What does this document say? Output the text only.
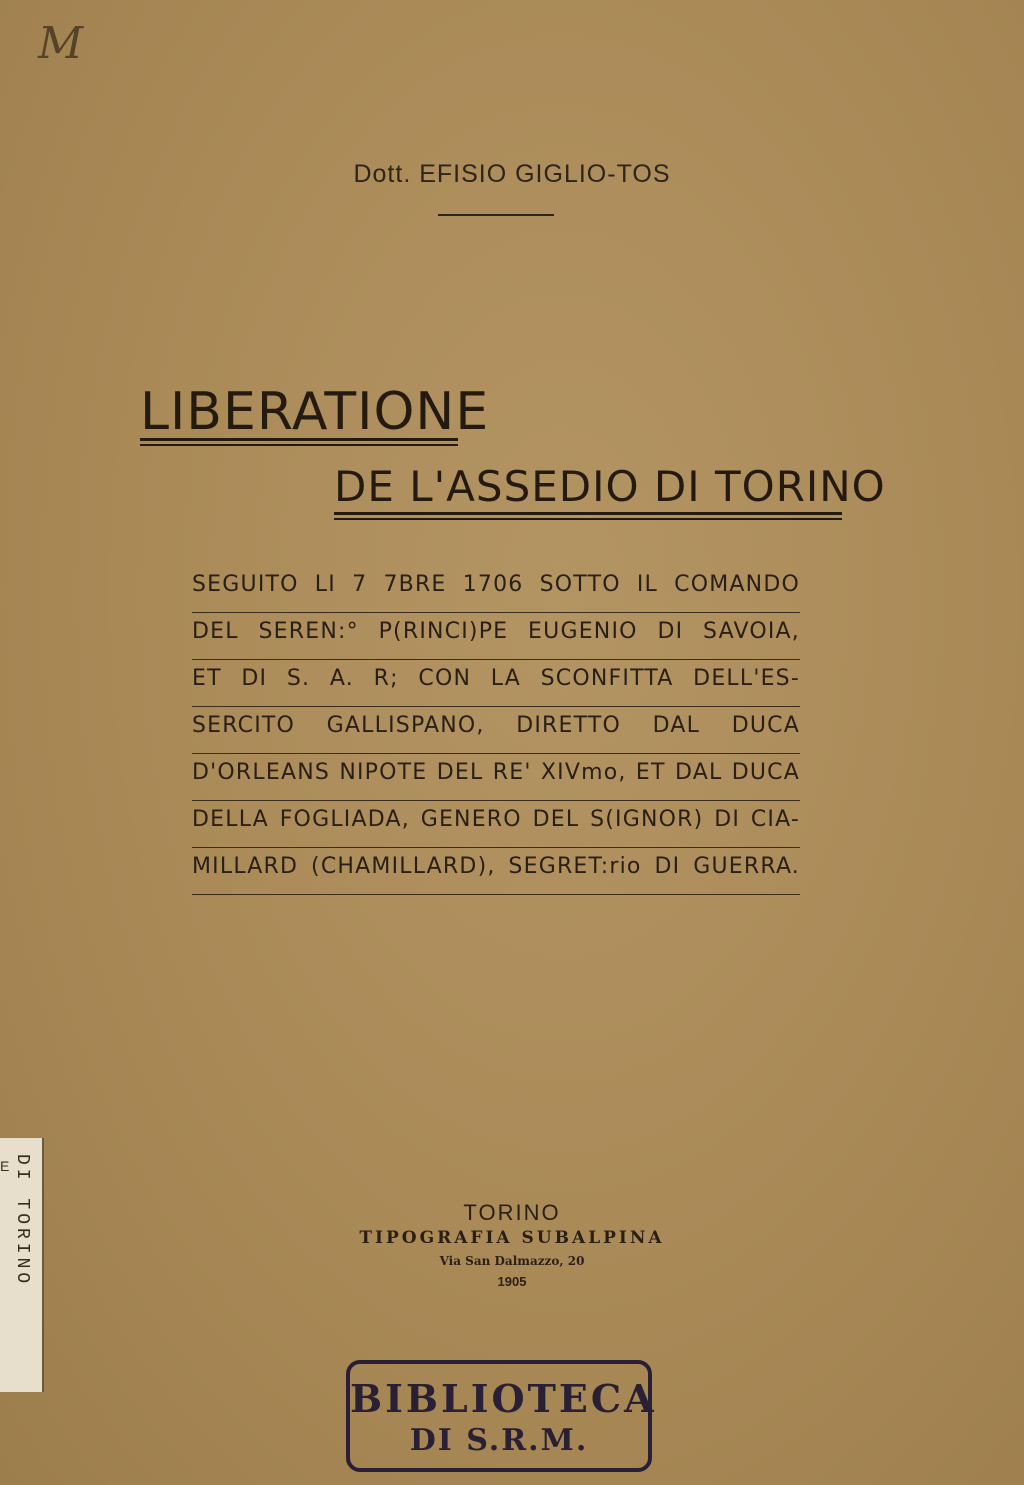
M
Dott. EFISIO GIGLIO-TOS
LIBERATIONE
DE L'ASSEDIO DI TORINO
SEGUITO LI 7 7BRE 1706 SOTTO IL COMANDO
DEL SEREN:° P(RINCI)PE EUGENIO DI SAVOIA,
ET DI S. A. R; CON LA SCONFITTA DELL'ES-
SERCITO GALLISPANO, DIRETTO DAL DUCA
D'ORLEANS NIPOTE DEL RE' XIVmo, ET DAL DUCA
DELLA FOGLIADA, GENERO DEL S(IGNOR) DI CIA-
MILLARD (CHAMILLARD), SEGRET:rio DI GUERRA.
TORINO
TIPOGRAFIA SUBALPINA
Via San Dalmazzo, 20
1905
E DI TORINO
BIBLIOTECA
DI S.R.M.
